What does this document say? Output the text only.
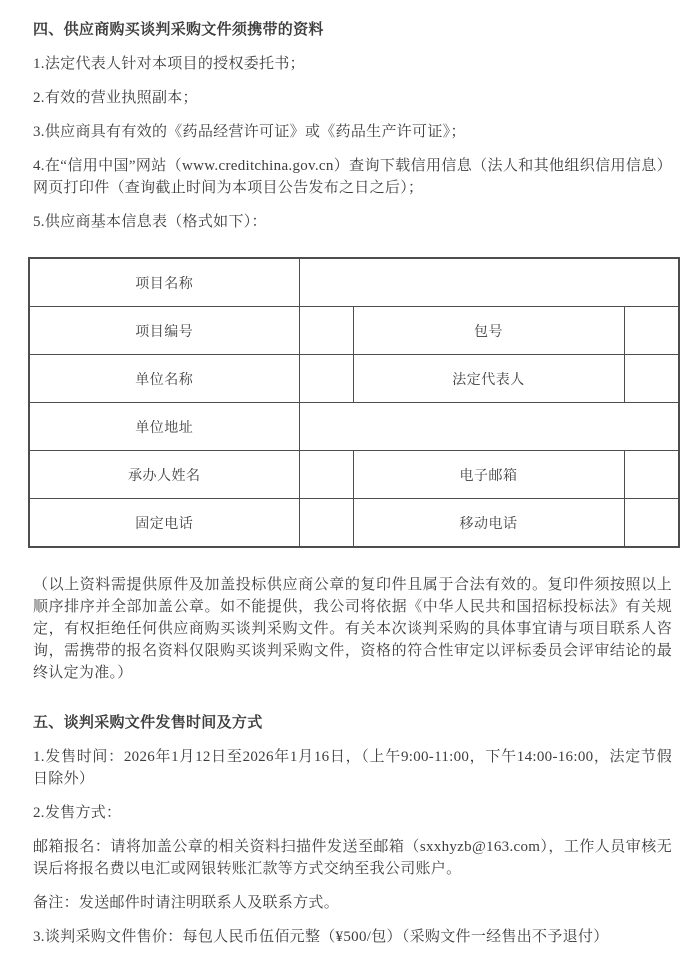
四、供应商购买谈判采购文件须携带的资料

1.法定代表人针对本项目的授权委托书；

2.有效的营业执照副本；

3.供应商具有有效的《药品经营许可证》或《药品生产许可证》；

4.在“信用中国”网站（www.creditchina.gov.cn）查询下载信用信息（法人和其他组织信用信息）网页打印件（查询截止时间为本项目公告发布之日之后）；

5.供应商基本信息表（格式如下）：

项目名称			
项目编号		包号	
单位名称		法定代表人	
单位地址			
承办人姓名		电子邮箱	
固定电话		移动电话	

（以上资料需提供原件及加盖投标供应商公章的复印件且属于合法有效的。复印件须按照以上顺序排序并全部加盖公章。如不能提供，我公司将依据《中华人民共和国招标投标法》有关规定，有权拒绝任何供应商购买谈判采购文件。有关本次谈判采购的具体事宜请与项目联系人咨询，需携带的报名资料仅限购买谈判采购文件，资格的符合性审定以评标委员会评审结论的最终认定为准。）

五、谈判采购文件发售时间及方式

1.发售时间：2026年1月12日至2026年1月16日，（上午9:00-11:00，下午14:00-16:00，法定节假日除外）

2.发售方式：

邮箱报名：请将加盖公章的相关资料扫描件发送至邮箱（sxxhyzb@163.com），工作人员审核无误后将报名费以电汇或网银转账汇款等方式交纳至我公司账户。

备注：发送邮件时请注明联系人及联系方式。

3.谈判采购文件售价：每包人民币伍佰元整（¥500/包）（采购文件一经售出不予退付）
